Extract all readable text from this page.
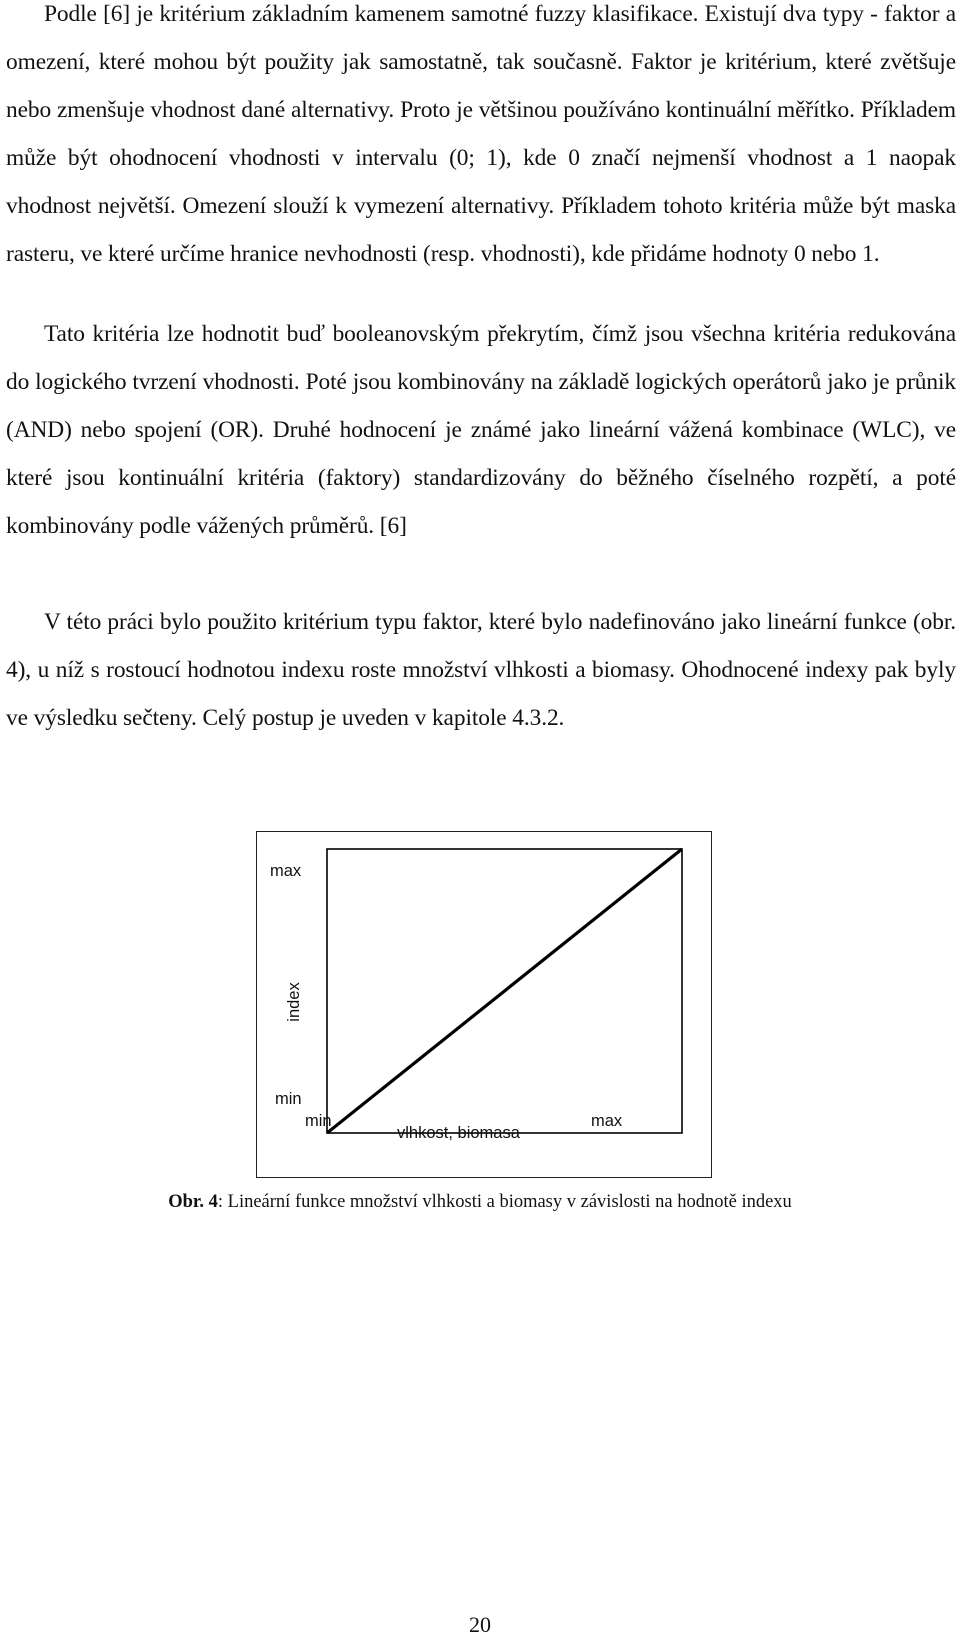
Podle [6] je kritérium základním kamenem samotné fuzzy klasifikace. Existují dva typy - faktor a omezení, které mohou být použity jak samostatně, tak současně. Faktor je kritérium, které zvětšuje nebo zmenšuje vhodnost dané alternativy. Proto je většinou používáno kontinuální měřítko. Příkladem může být ohodnocení vhodnosti v intervalu (0; 1), kde 0 značí nejmenší vhodnost a 1 naopak vhodnost největší. Omezení slouží k vymezení alternativy. Příkladem tohoto kritéria může být maska rasteru, ve které určíme hranice nevhodnosti (resp. vhodnosti), kde přidáme hodnoty 0 nebo 1.

Tato kritéria lze hodnotit buď booleanovským překrytím, čímž jsou všechna kritéria redukována do logického tvrzení vhodnosti. Poté jsou kombinovány na základě logických operátorů jako je průnik (AND) nebo spojení (OR). Druhé hodnocení je známé jako lineární vážená kombinace (WLC), ve které jsou kontinuální kritéria (faktory) standardizovány do běžného číselného rozpětí, a poté kombinovány podle vážených průměrů. [6]

V této práci bylo použito kritérium typu faktor, které bylo nadefinováno jako lineární funkce (obr. 4), u níž s rostoucí hodnotou indexu roste množství vlhkosti a biomasy. Ohodnocené indexy pak byly ve výsledku sečteny. Celý postup je uveden v kapitole 4.3.2.

max
min
index
min	max
vlhkost, biomasa
Obr. 4: Lineární funkce množství vlhkosti a biomasy v závislosti na hodnotě indexu
20
